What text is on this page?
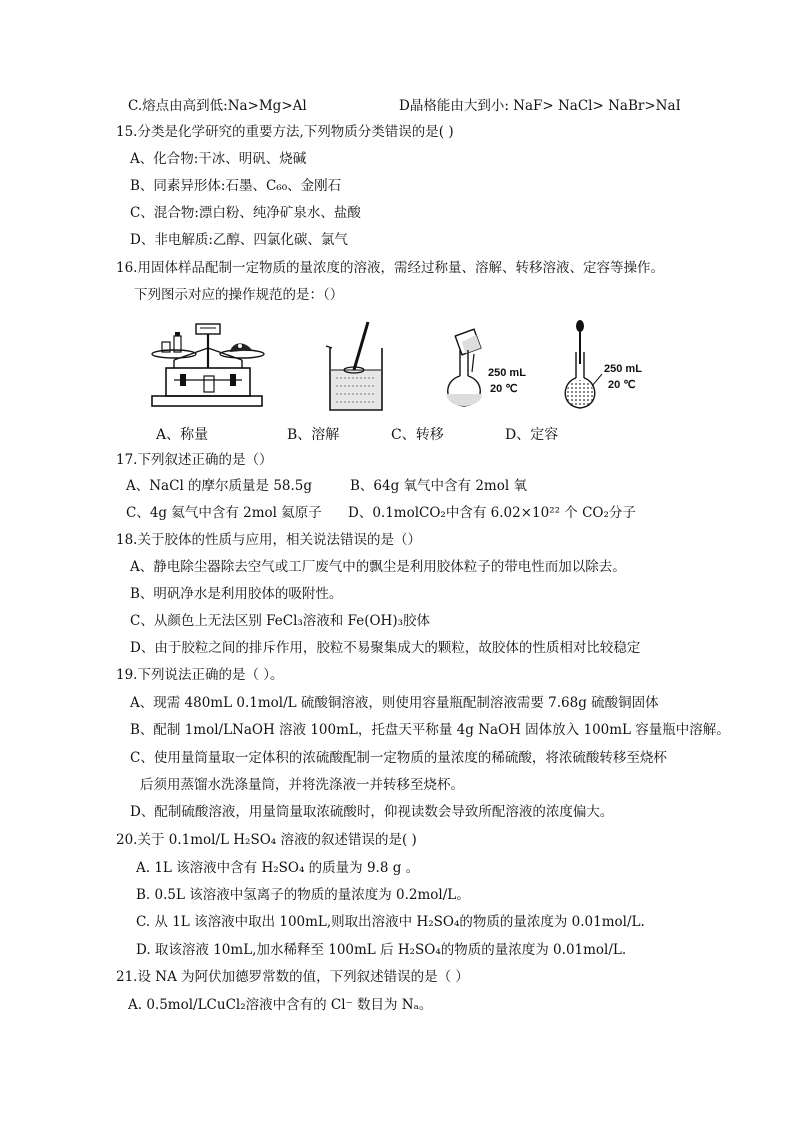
C.熔点由高到低:Na>Mg>Al	D晶格能由大到小: NaF> NaCl> NaBr>NaI
15.分类是化学研究的重要方法,下列物质分类错误的是( )
A、化合物:干冰、明矾、烧碱
B、同素异形体:石墨、C₆₀、金刚石
C、混合物:漂白粉、纯净矿泉水、盐酸
D、非电解质:乙醇、四氯化碳、氯气
16.用固体样品配制一定物质的量浓度的溶液，需经过称量、溶解、转移溶液、定容等操作。
下列图示对应的操作规范的是：（）
250 mL
20 ℃
250 mL
20 ℃
A、称量	B、溶解	C、转移	D、定容
17.下列叙述正确的是（）
A、NaCl 的摩尔质量是 58.5g	B、64g 氧气中含有 2mol 氧
C、4g 氦气中含有 2mol 氦原子 D、0.1molCO₂中含有 6.02×10²² 个 CO₂分子
18.关于胶体的性质与应用，相关说法错误的是（）
A、静电除尘器除去空气或工厂废气中的飘尘是利用胶体粒子的带电性而加以除去。
B、明矾净水是利用胶体的吸附性。
C、从颜色上无法区别 FeCl₃溶液和 Fe(OH)₃胶体
D、由于胶粒之间的排斥作用，胶粒不易聚集成大的颗粒，故胶体的性质相对比较稳定
19.下列说法正确的是（ ）。
A、现需 480mL 0.1mol/L 硫酸铜溶液，则使用容量瓶配制溶液需要 7.68g 硫酸铜固体
B、配制 1mol/LNaOH 溶液 100mL，托盘天平称量 4g NaOH 固体放入 100mL 容量瓶中溶解。
C、使用量筒量取一定体积的浓硫酸配制一定物质的量浓度的稀硫酸，将浓硫酸转移至烧杯
后须用蒸馏水洗涤量筒，并将洗涤液一并转移至烧杯。
D、配制硫酸溶液，用量筒量取浓硫酸时，仰视读数会导致所配溶液的浓度偏大。
20.关于 0.1mol/L H₂SO₄ 溶液的叙述错误的是( )
A. 1L 该溶液中含有 H₂SO₄ 的质量为 9.8 g 。
B. 0.5L 该溶液中氢离子的物质的量浓度为 0.2mol/L。
C. 从 1L 该溶液中取出 100mL,则取出溶液中 H₂SO₄的物质的量浓度为 0.01mol/L.
D. 取该溶液 10mL,加水稀释至 100mL 后 H₂SO₄的物质的量浓度为 0.01mol/L.
21.设 NA 为阿伏加德罗常数的值，下列叙述错误的是（ ）
A. 0.5mol/LCuCl₂溶液中含有的 Cl⁻ 数目为 Nₐ。
